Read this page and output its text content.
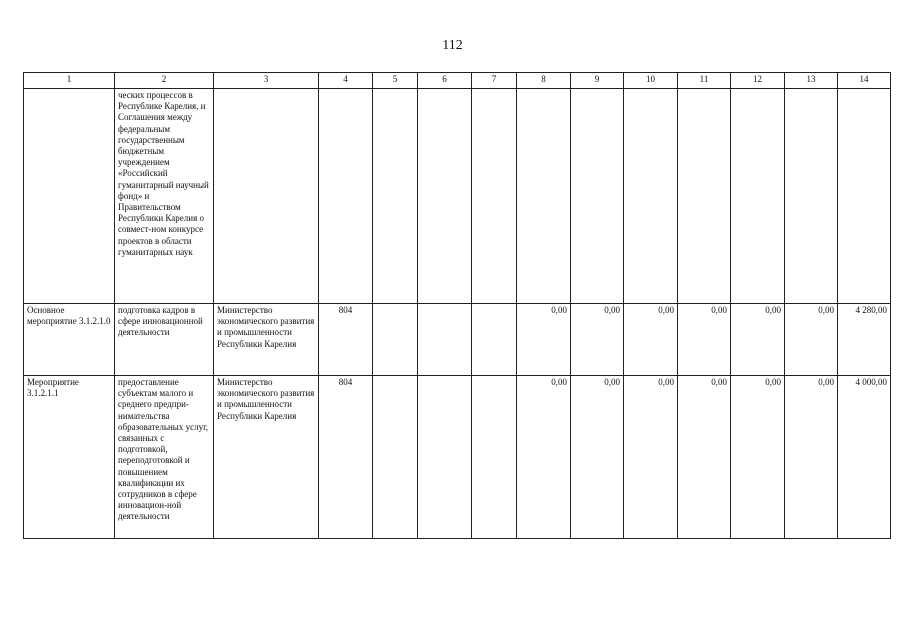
112
1	2	3	4	5	6	7	8	9	10	11	12	13	14
	ческих процессов в Республике Карелия, и Соглашения между федеральным государственным бюджетным учреждением «Российский гуманитарный научный фонд» и Правительством Республики Карелия о совмест-ном конкурсе проектов в области гуманитарных наук												
Основное мероприятие 3.1.2.1.0	подготовка кадров в сфере инновационной деятельности	Министерство экономического развития и промышленности Республики Карелия	804				0,00	0,00	0,00	0,00	0,00	0,00	4 280,00
Мероприятие 3.1.2.1.1	предоставление субъектам малого и среднего предпри-нимательства образовательных услуг, связанных с подготовкой, переподготовкой и повышением квалификации их сотрудников в сфере инновацион-ной деятельности	Министерство экономического развития и промышленности Республики Карелия	804				0,00	0,00	0,00	0,00	0,00	0,00	4 000,00
